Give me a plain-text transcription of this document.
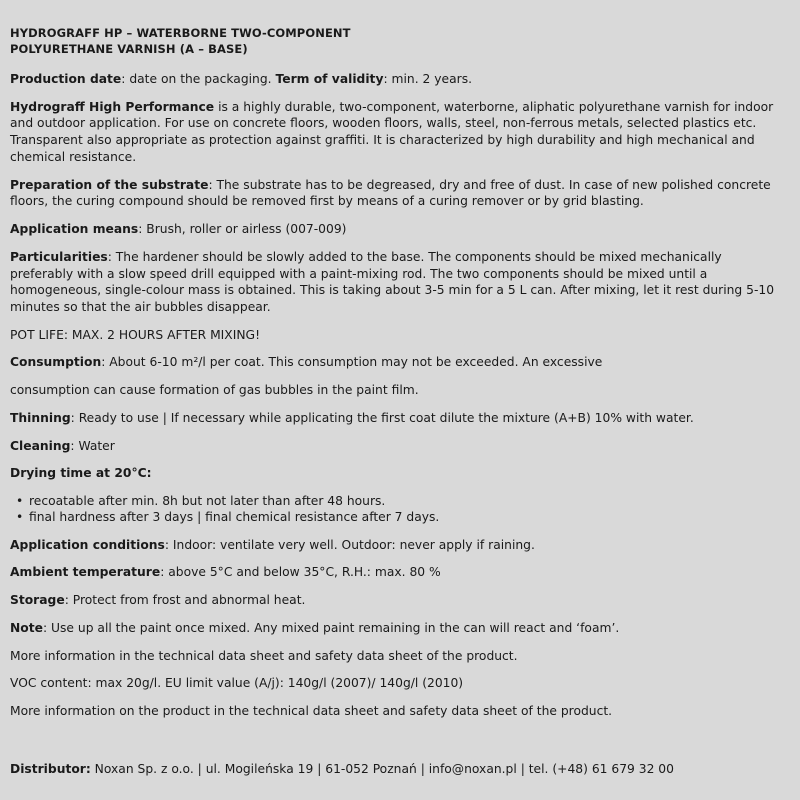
HYDROGRAFF HP – WATERBORNE TWO-COMPONENT
POLYURETHANE VARNISH (A – BASE)

Production date: date on the packaging. Term of validity: min. 2 years.

Hydrograff High Performance is a highly durable, two-component, waterborne, aliphatic polyurethane varnish for indoor and outdoor application. For use on concrete floors, wooden floors, walls, steel, non-ferrous metals, selected plastics etc. Transparent also appropriate as protection against graffiti. It is characterized by high durability and high mechanical and chemical resistance.

Preparation of the substrate: The substrate has to be degreased, dry and free of dust. In case of new polished concrete floors, the curing compound should be removed first by means of a curing remover or by grid blasting.

Application means: Brush, roller or airless (007-009)

Particularities: The hardener should be slowly added to the base. The components should be mixed mechanically preferably with a slow speed drill equipped with a paint-mixing rod. The two components should be mixed until a homogeneous, single-colour mass is obtained. This is taking about 3-5 min for a 5 L can. After mixing, let it rest during 5-10 minutes so that the air bubbles disappear.

POT LIFE: MAX. 2 HOURS AFTER MIXING!

Consumption: About 6-10 m²/l per coat. This consumption may not be exceeded. An excessive

consumption can cause formation of gas bubbles in the paint film.

Thinning: Ready to use | If necessary while applicating the first coat dilute the mixture (A+B) 10% with water.

Cleaning: Water

Drying time at 20°C:

• recoatable after min. 8h but not later than after 48 hours.
• final hardness after 3 days | final chemical resistance after 7 days.

Application conditions: Indoor: ventilate very well. Outdoor: never apply if raining.

Ambient temperature: above 5°C and below 35°C, R.H.: max. 80 %

Storage: Protect from frost and abnormal heat.

Note: Use up all the paint once mixed. Any mixed paint remaining in the can will react and ‘foam’.

More information in the technical data sheet and safety data sheet of the product.

VOC content: max 20g/l. EU limit value (A/j): 140g/l (2007)/ 140g/l (2010)

More information on the product in the technical data sheet and safety data sheet of the product.

Distributor: Noxan Sp. z o.o. | ul. Mogileńska 19 | 61-052 Poznań | info@noxan.pl | tel. (+48) 61 679 32 00
